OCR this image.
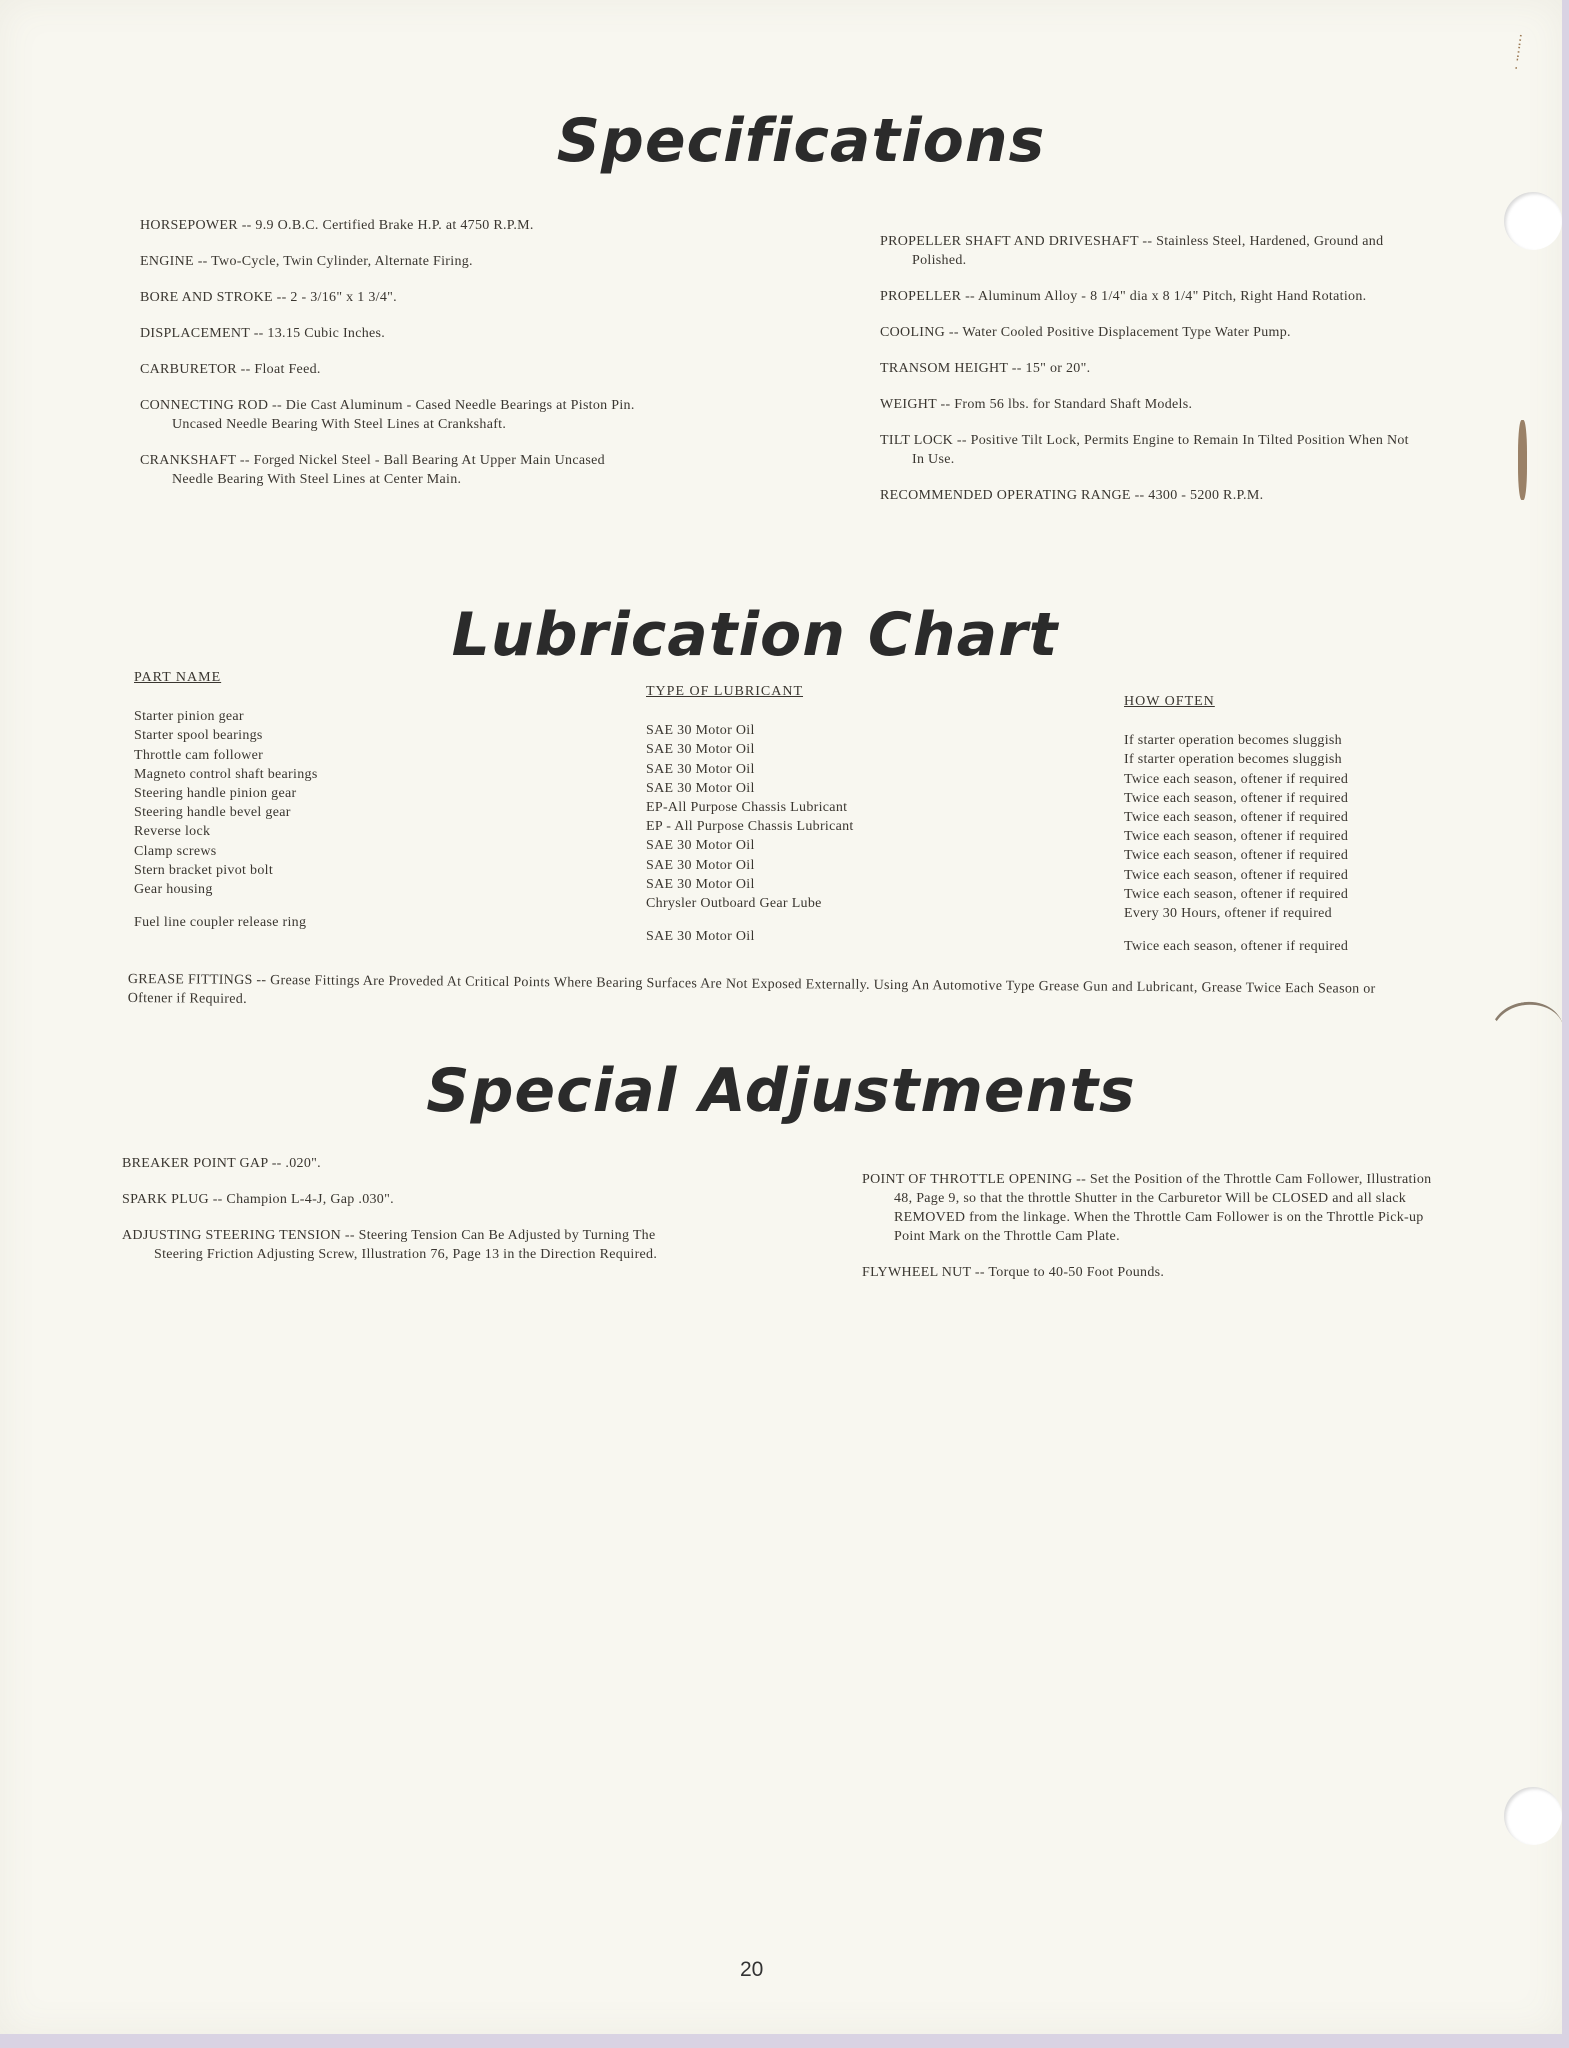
ⵗ
ⵗ
⁚
Specifications

HORSEPOWER -- 9.9 O.B.C. Certified Brake H.P. at 4750 R.P.M.

ENGINE -- Two-Cycle, Twin Cylinder, Alternate Firing.

BORE AND STROKE -- 2 - 3/16" x 1 3/4".

DISPLACEMENT -- 13.15 Cubic Inches.

CARBURETOR -- Float Feed.

CONNECTING ROD -- Die Cast Aluminum - Cased Needle Bearings at Piston Pin. Uncased Needle Bearing With Steel Lines at Crankshaft.

CRANKSHAFT -- Forged Nickel Steel - Ball Bearing At Upper Main Uncased Needle Bearing With Steel Lines at Center Main.

PROPELLER SHAFT AND DRIVESHAFT -- Stainless Steel, Hardened, Ground and Polished.

PROPELLER -- Aluminum Alloy - 8 1/4" dia x 8 1/4" Pitch, Right Hand Rotation.

COOLING -- Water Cooled Positive Displacement Type Water Pump.

TRANSOM HEIGHT -- 15" or 20".

WEIGHT -- From 56 lbs. for Standard Shaft Models.

TILT LOCK -- Positive Tilt Lock, Permits Engine to Remain In Tilted Position When Not In Use.

RECOMMENDED OPERATING RANGE -- 4300 - 5200 R.P.M.

Lubrication Chart
PART NAME
Starter pinion gear
Starter spool bearings
Throttle cam follower
Magneto control shaft bearings
Steering handle pinion gear
Steering handle bevel gear
Reverse lock
Clamp screws
Stern bracket pivot bolt
Gear housing
Fuel line coupler release ring
TYPE OF LUBRICANT
SAE 30 Motor Oil
SAE 30 Motor Oil
SAE 30 Motor Oil
SAE 30 Motor Oil
EP-All Purpose Chassis Lubricant
EP - All Purpose Chassis Lubricant
SAE 30 Motor Oil
SAE 30 Motor Oil
SAE 30 Motor Oil
Chrysler Outboard Gear Lube
SAE 30 Motor Oil
HOW OFTEN
If starter operation becomes sluggish
If starter operation becomes sluggish
Twice each season, oftener if required
Twice each season, oftener if required
Twice each season, oftener if required
Twice each season, oftener if required
Twice each season, oftener if required
Twice each season, oftener if required
Twice each season, oftener if required
Every 30 Hours, oftener if required
Twice each season, oftener if required

GREASE FITTINGS -- Grease Fittings Are Proveded At Critical Points Where Bearing Surfaces Are Not Exposed Externally. Using An Automotive Type Grease Gun and Lubricant, Grease Twice Each Season or Oftener if Required.

Special Adjustments

BREAKER POINT GAP -- .020".

SPARK PLUG -- Champion L-4-J, Gap .030".

ADJUSTING STEERING TENSION -- Steering Tension Can Be Adjusted by Turning The Steering Friction Adjusting Screw, Illustration 76, Page 13 in the Direction Required.

POINT OF THROTTLE OPENING -- Set the Position of the Throttle Cam Follower, Illustration 48, Page 9, so that the throttle Shutter in the Carburetor Will be CLOSED and all slack REMOVED from the linkage. When the Throttle Cam Follower is on the Throttle Pick-up Point Mark on the Throttle Cam Plate.

FLYWHEEL NUT -- Torque to 40-50 Foot Pounds.

20
